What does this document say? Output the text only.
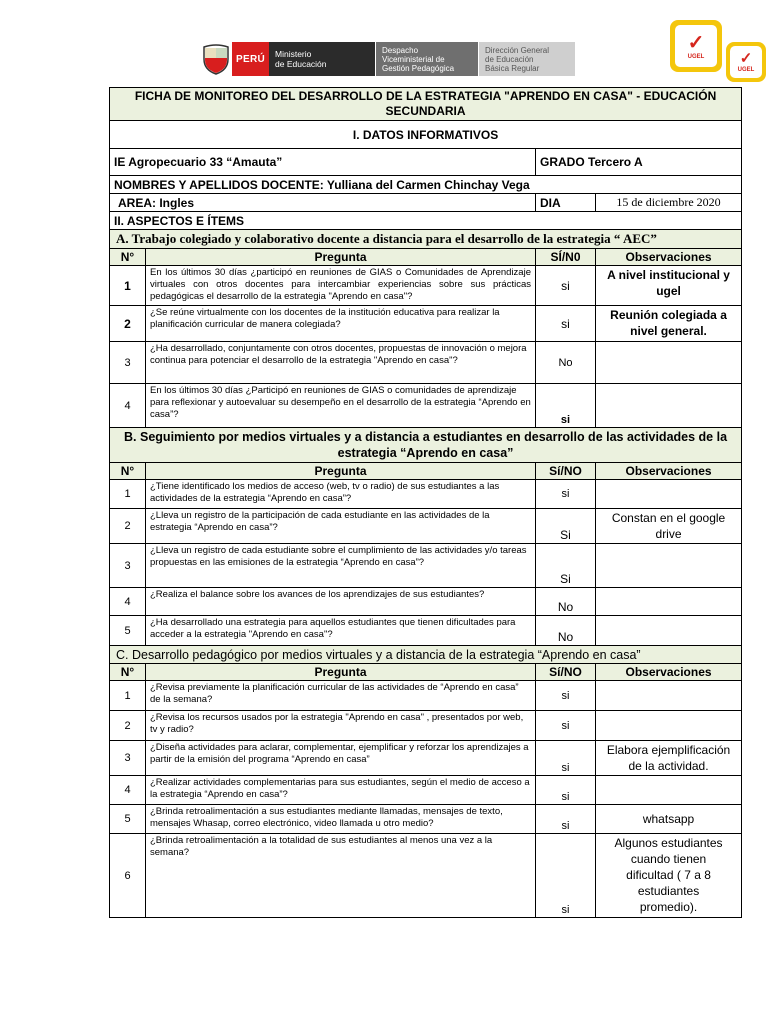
PERÚ	Ministerio
de Educación
Despacho
Viceministerial de
Gestión Pedagógica
Dirección General
de Educación
Básica Regular
✓
UGEL ✓
UGEL
FICHA DE MONITOREO DEL DESARROLLO DE LA ESTRATEGIA "APRENDO EN CASA" - EDUCACIÓN SECUNDARIA			
I. DATOS INFORMATIVOS			
IE Agropecuario 33 “Amauta”		GRADO Tercero A	
NOMBRES Y APELLIDOS DOCENTE: Yulliana del Carmen Chinchay Vega			
AREA: Ingles		DIA	15 de diciembre 2020
II. ASPECTOS E ÍTEMS			
A. Trabajo colegiado y colaborativo docente a distancia para el desarrollo de la estrategia “ AEC”			
N°	Pregunta	SÍ/N0	Observaciones
1	En los últimos 30 días ¿participó en reuniones de GIAS o Comunidades de Aprendizaje virtuales con otros docentes para intercambiar experiencias sobre sus prácticas pedagógicas el desarrollo de la estrategia "Aprendo en casa"?	si	A nivel institucional y ugel
2	¿Se reúne virtualmente con los docentes de la institución educativa para realizar la planificación curricular de manera colegiada?	si	Reunión colegiada a nivel general.
3	¿Ha desarrollado, conjuntamente con otros docentes, propuestas de innovación o mejora continua para potenciar el desarrollo de la estrategia "Aprendo en casa"?	No	
4	En los últimos 30 días ¿Participó en reuniones de GIAS o comunidades de aprendizaje para reflexionar y autoevaluar su desempeño en el desarrollo de la estrategia “Aprendo en casa”?	si	
B. Seguimiento por medios virtuales y a distancia a estudiantes en desarrollo de las actividades de la estrategia “Aprendo en casa”			
N°	Pregunta	Sí/NO	Observaciones
1	¿Tiene identificado los medios de acceso (web, tv o radio) de sus estudiantes a las actividades de la estrategia “Aprendo en casa”?	si	
2	¿Lleva un registro de la participación de cada estudiante en las actividades de la estrategia “Aprendo en casa”?	Si	Constan en el google drive
3	¿Lleva un registro de cada estudiante sobre el cumplimiento de las actividades y/o tareas propuestas en las emisiones de la estrategia “Aprendo en casa”?	Si	
4	¿Realiza el balance sobre los avances de los aprendizajes de sus estudiantes?	No	
5	¿Ha desarrollado una estrategia para aquellos estudiantes que tienen dificultades para acceder a la estrategia "Aprendo en casa"?	No	
C. Desarrollo pedagógico por medios virtuales y a distancia de la estrategia “Aprendo en casa”			
N°	Pregunta	Sí/NO	Observaciones
1	¿Revisa previamente la planificación curricular de las actividades de “Aprendo en casa” de la semana?	si	
2	¿Revisa los recursos usados por la estrategia "Aprendo en casa" , presentados por web, tv y radio?	si	
3	¿Diseña actividades para aclarar, complementar, ejemplificar y reforzar los aprendizajes a partir de la emisión del programa “Aprendo en casa”	si	Elabora ejemplificación de la actividad.
4	¿Realizar actividades complementarias para sus estudiantes, según el medio de acceso a la estrategia “Aprendo en casa”?	si	
5	¿Brinda retroalimentación a sus estudiantes mediante llamadas, mensajes de texto, mensajes Whasap, correo electrónico, video llamada u otro medio?	si	whatsapp
6	¿Brinda retroalimentación a la totalidad de sus estudiantes al menos una vez a la semana?	si	Algunos estudiantes cuando tienen dificultad ( 7 a 8 estudiantes promedio).
